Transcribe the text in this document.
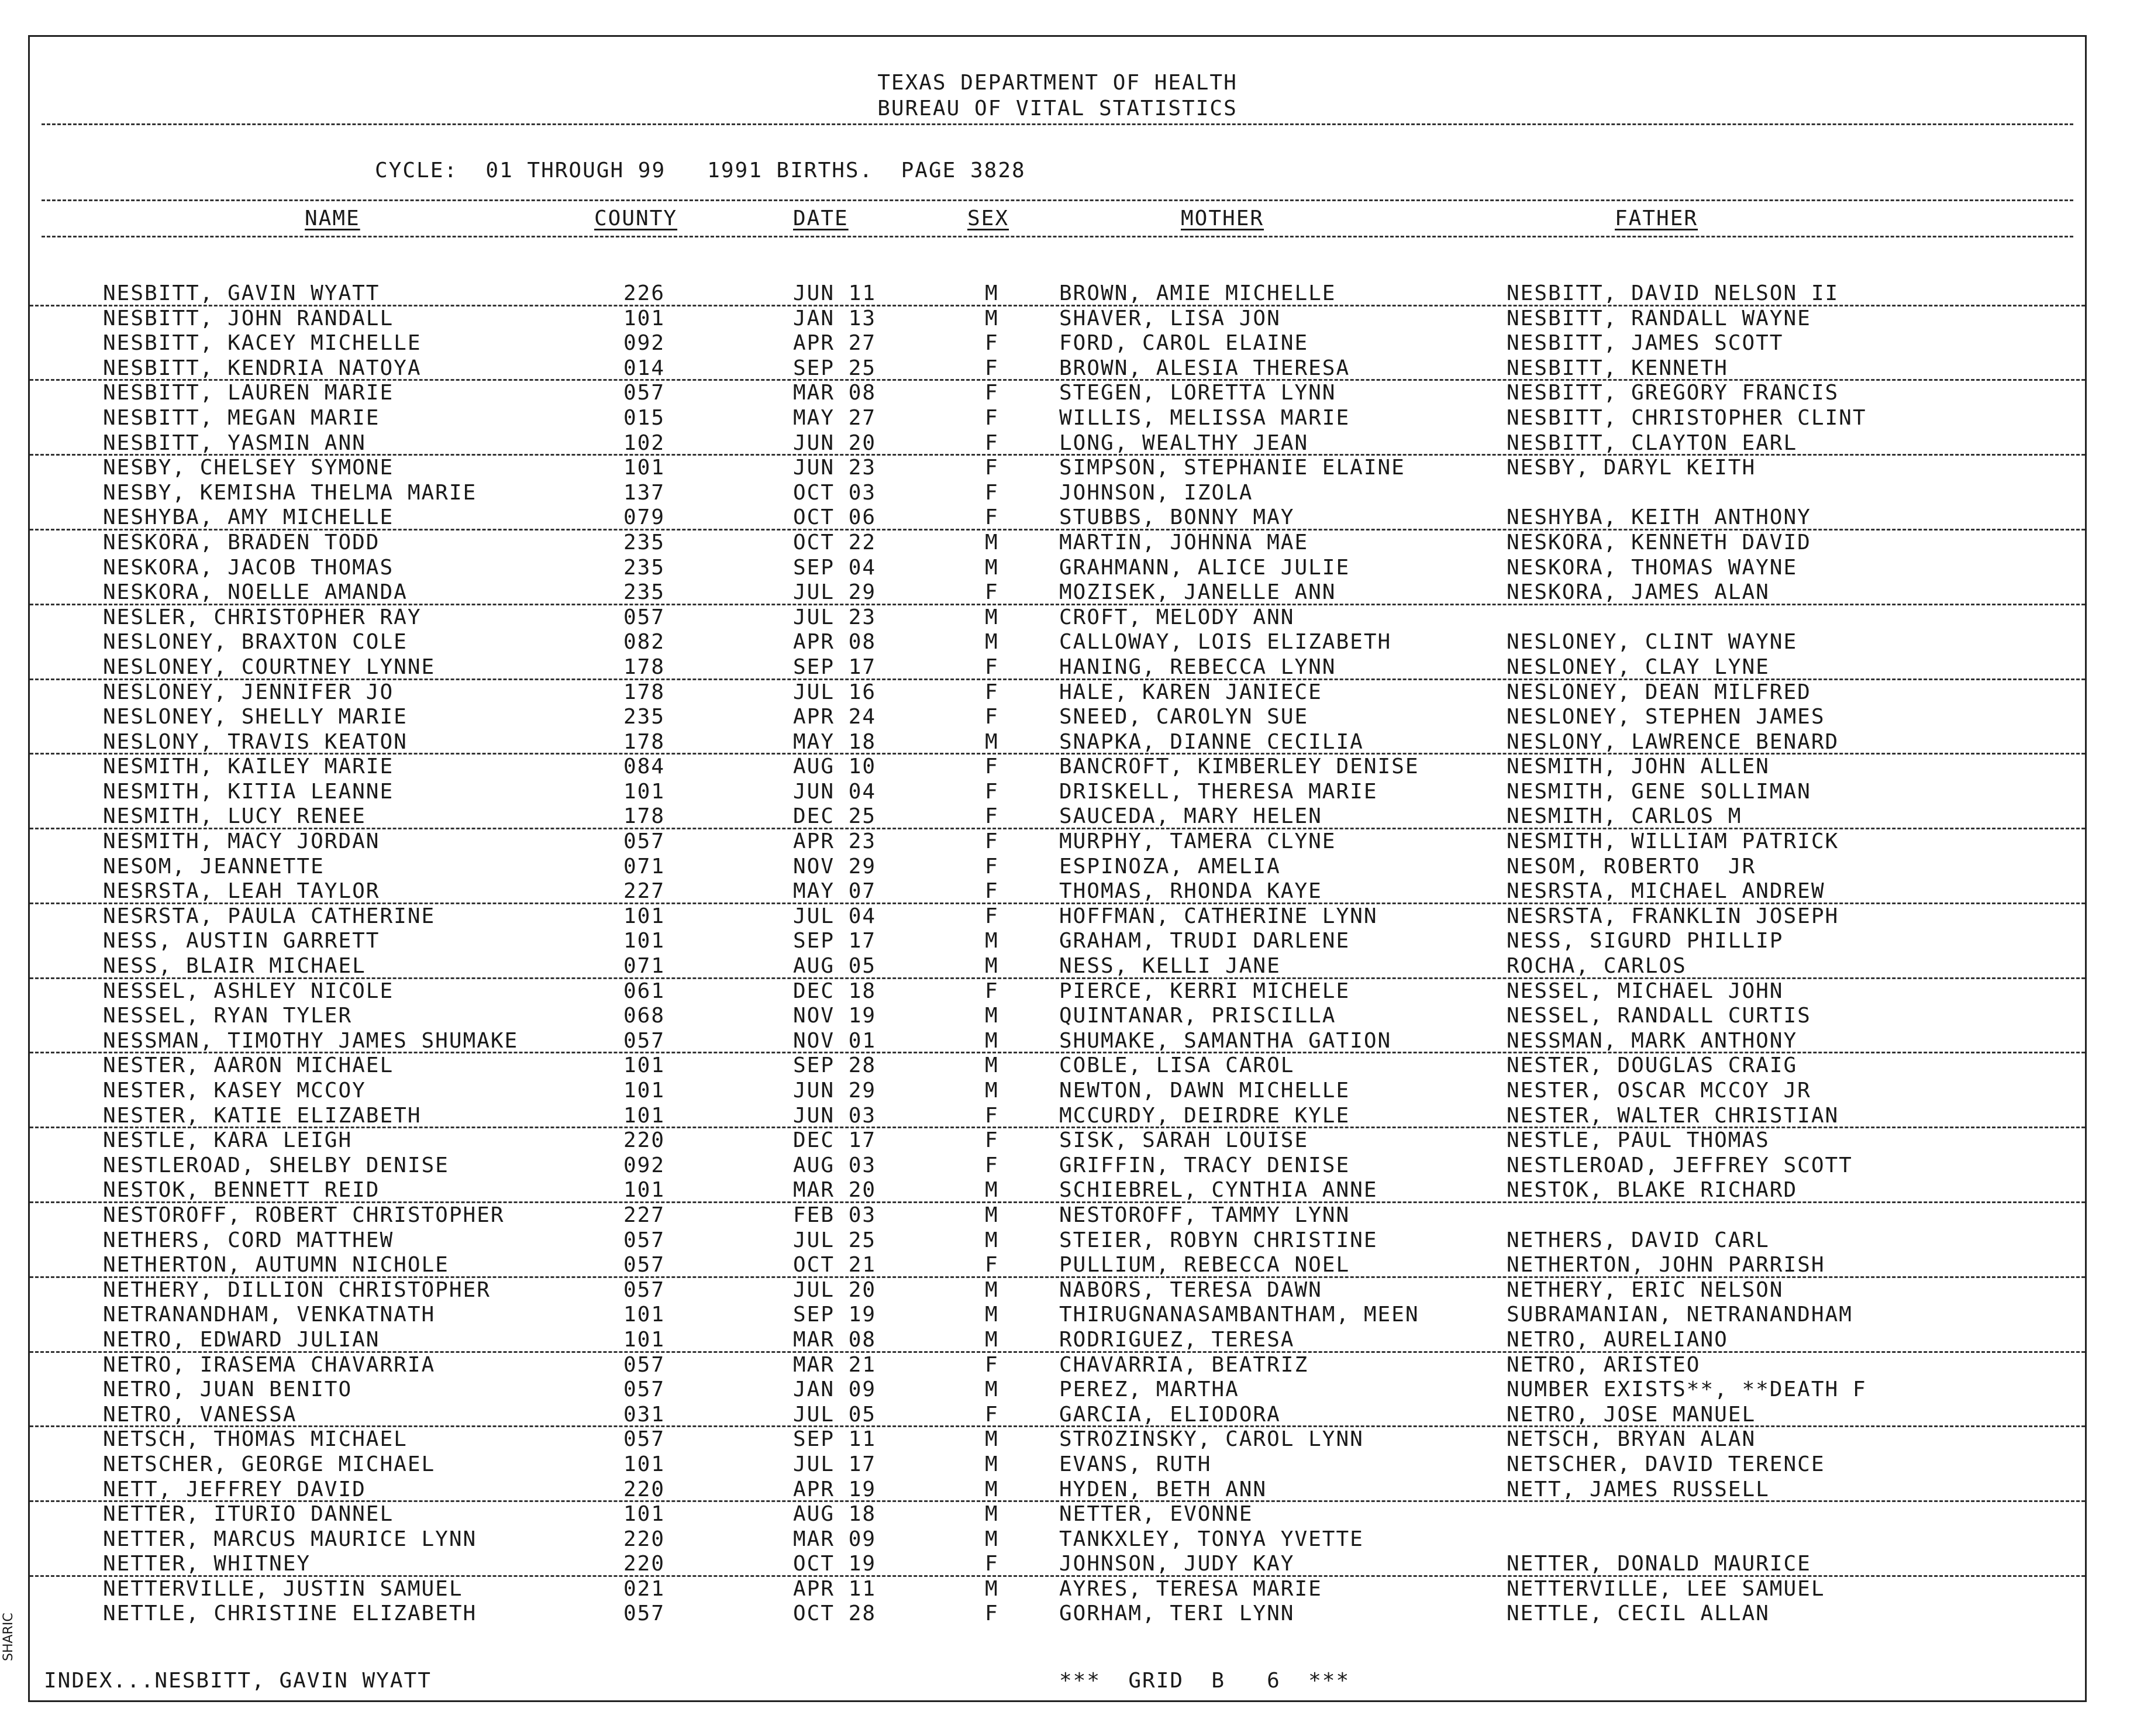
TEXAS DEPARTMENT OF HEALTH
BUREAU OF VITAL STATISTICS
CYCLE:  01 THROUGH 99   1991 BIRTHS.  PAGE 3828
NAME	COUNTY	DATE	SEX	MOTHER	FATHER
NESBITT, GAVIN WYATT	226	JUN 11	M	BROWN, AMIE MICHELLE	NESBITT, DAVID NELSON II
NESBITT, JOHN RANDALL	101	JAN 13	M	SHAVER, LISA JON	NESBITT, RANDALL WAYNE
NESBITT, KACEY MICHELLE	092	APR 27	F	FORD, CAROL ELAINE	NESBITT, JAMES SCOTT
NESBITT, KENDRIA NATOYA	014	SEP 25	F	BROWN, ALESIA THERESA	NESBITT, KENNETH
NESBITT, LAUREN MARIE	057	MAR 08	F	STEGEN, LORETTA LYNN	NESBITT, GREGORY FRANCIS
NESBITT, MEGAN MARIE	015	MAY 27	F	WILLIS, MELISSA MARIE	NESBITT, CHRISTOPHER CLINT
NESBITT, YASMIN ANN	102	JUN 20	F	LONG, WEALTHY JEAN	NESBITT, CLAYTON EARL
NESBY, CHELSEY SYMONE	101	JUN 23	F	SIMPSON, STEPHANIE ELAINE	NESBY, DARYL KEITH
NESBY, KEMISHA THELMA MARIE	137	OCT 03	F	JOHNSON, IZOLA
NESHYBA, AMY MICHELLE	079	OCT 06	F	STUBBS, BONNY MAY	NESHYBA, KEITH ANTHONY
NESKORA, BRADEN TODD	235	OCT 22	M	MARTIN, JOHNNA MAE	NESKORA, KENNETH DAVID
NESKORA, JACOB THOMAS	235	SEP 04	M	GRAHMANN, ALICE JULIE	NESKORA, THOMAS WAYNE
NESKORA, NOELLE AMANDA	235	JUL 29	F	MOZISEK, JANELLE ANN	NESKORA, JAMES ALAN
NESLER, CHRISTOPHER RAY	057	JUL 23	M	CROFT, MELODY ANN
NESLONEY, BRAXTON COLE	082	APR 08	M	CALLOWAY, LOIS ELIZABETH	NESLONEY, CLINT WAYNE
NESLONEY, COURTNEY LYNNE	178	SEP 17	F	HANING, REBECCA LYNN	NESLONEY, CLAY LYNE
NESLONEY, JENNIFER JO	178	JUL 16	F	HALE, KAREN JANIECE	NESLONEY, DEAN MILFRED
NESLONEY, SHELLY MARIE	235	APR 24	F	SNEED, CAROLYN SUE	NESLONEY, STEPHEN JAMES
NESLONY, TRAVIS KEATON	178	MAY 18	M	SNAPKA, DIANNE CECILIA	NESLONY, LAWRENCE BENARD
NESMITH, KAILEY MARIE	084	AUG 10	F	BANCROFT, KIMBERLEY DENISE	NESMITH, JOHN ALLEN
NESMITH, KITIA LEANNE	101	JUN 04	F	DRISKELL, THERESA MARIE	NESMITH, GENE SOLLIMAN
NESMITH, LUCY RENEE	178	DEC 25	F	SAUCEDA, MARY HELEN	NESMITH, CARLOS M
NESMITH, MACY JORDAN	057	APR 23	F	MURPHY, TAMERA CLYNE	NESMITH, WILLIAM PATRICK
NESOM, JEANNETTE	071	NOV 29	F	ESPINOZA, AMELIA	NESOM, ROBERTO  JR
NESRSTA, LEAH TAYLOR	227	MAY 07	F	THOMAS, RHONDA KAYE	NESRSTA, MICHAEL ANDREW
NESRSTA, PAULA CATHERINE	101	JUL 04	F	HOFFMAN, CATHERINE LYNN	NESRSTA, FRANKLIN JOSEPH
NESS, AUSTIN GARRETT	101	SEP 17	M	GRAHAM, TRUDI DARLENE	NESS, SIGURD PHILLIP
NESS, BLAIR MICHAEL	071	AUG 05	M	NESS, KELLI JANE	ROCHA, CARLOS
NESSEL, ASHLEY NICOLE	061	DEC 18	F	PIERCE, KERRI MICHELE	NESSEL, MICHAEL JOHN
NESSEL, RYAN TYLER	068	NOV 19	M	QUINTANAR, PRISCILLA	NESSEL, RANDALL CURTIS
NESSMAN, TIMOTHY JAMES SHUMAKE	057	NOV 01	M	SHUMAKE, SAMANTHA GATION	NESSMAN, MARK ANTHONY
NESTER, AARON MICHAEL	101	SEP 28	M	COBLE, LISA CAROL	NESTER, DOUGLAS CRAIG
NESTER, KASEY MCCOY	101	JUN 29	M	NEWTON, DAWN MICHELLE	NESTER, OSCAR MCCOY JR
NESTER, KATIE ELIZABETH	101	JUN 03	F	MCCURDY, DEIRDRE KYLE	NESTER, WALTER CHRISTIAN
NESTLE, KARA LEIGH	220	DEC 17	F	SISK, SARAH LOUISE	NESTLE, PAUL THOMAS
NESTLEROAD, SHELBY DENISE	092	AUG 03	F	GRIFFIN, TRACY DENISE	NESTLEROAD, JEFFREY SCOTT
NESTOK, BENNETT REID	101	MAR 20	M	SCHIEBREL, CYNTHIA ANNE	NESTOK, BLAKE RICHARD
NESTOROFF, ROBERT CHRISTOPHER	227	FEB 03	M	NESTOROFF, TAMMY LYNN
NETHERS, CORD MATTHEW	057	JUL 25	M	STEIER, ROBYN CHRISTINE	NETHERS, DAVID CARL
NETHERTON, AUTUMN NICHOLE	057	OCT 21	F	PULLIUM, REBECCA NOEL	NETHERTON, JOHN PARRISH
NETHERY, DILLION CHRISTOPHER	057	JUL 20	M	NABORS, TERESA DAWN	NETHERY, ERIC NELSON
NETRANANDHAM, VENKATNATH	101	SEP 19	M	THIRUGNANASAMBANTHAM, MEEN	SUBRAMANIAN, NETRANANDHAM
NETRO, EDWARD JULIAN	101	MAR 08	M	RODRIGUEZ, TERESA	NETRO, AURELIANO
NETRO, IRASEMA CHAVARRIA	057	MAR 21	F	CHAVARRIA, BEATRIZ	NETRO, ARISTEO
NETRO, JUAN BENITO	057	JAN 09	M	PEREZ, MARTHA	NUMBER EXISTS**, **DEATH F
NETRO, VANESSA	031	JUL 05	F	GARCIA, ELIODORA	NETRO, JOSE MANUEL
NETSCH, THOMAS MICHAEL	057	SEP 11	M	STROZINSKY, CAROL LYNN	NETSCH, BRYAN ALAN
NETSCHER, GEORGE MICHAEL	101	JUL 17	M	EVANS, RUTH	NETSCHER, DAVID TERENCE
NETT, JEFFREY DAVID	220	APR 19	M	HYDEN, BETH ANN	NETT, JAMES RUSSELL
NETTER, ITURIO DANNEL	101	AUG 18	M	NETTER, EVONNE
NETTER, MARCUS MAURICE LYNN	220	MAR 09	M	TANKXLEY, TONYA YVETTE
NETTER, WHITNEY	220	OCT 19	F	JOHNSON, JUDY KAY	NETTER, DONALD MAURICE
NETTERVILLE, JUSTIN SAMUEL	021	APR 11	M	AYRES, TERESA MARIE	NETTERVILLE, LEE SAMUEL
NETTLE, CHRISTINE ELIZABETH	057	OCT 28	F	GORHAM, TERI LYNN	NETTLE, CECIL ALLAN
INDEX...NESBITT, GAVIN WYATT	***  GRID  B   6  ***
SHARIC
